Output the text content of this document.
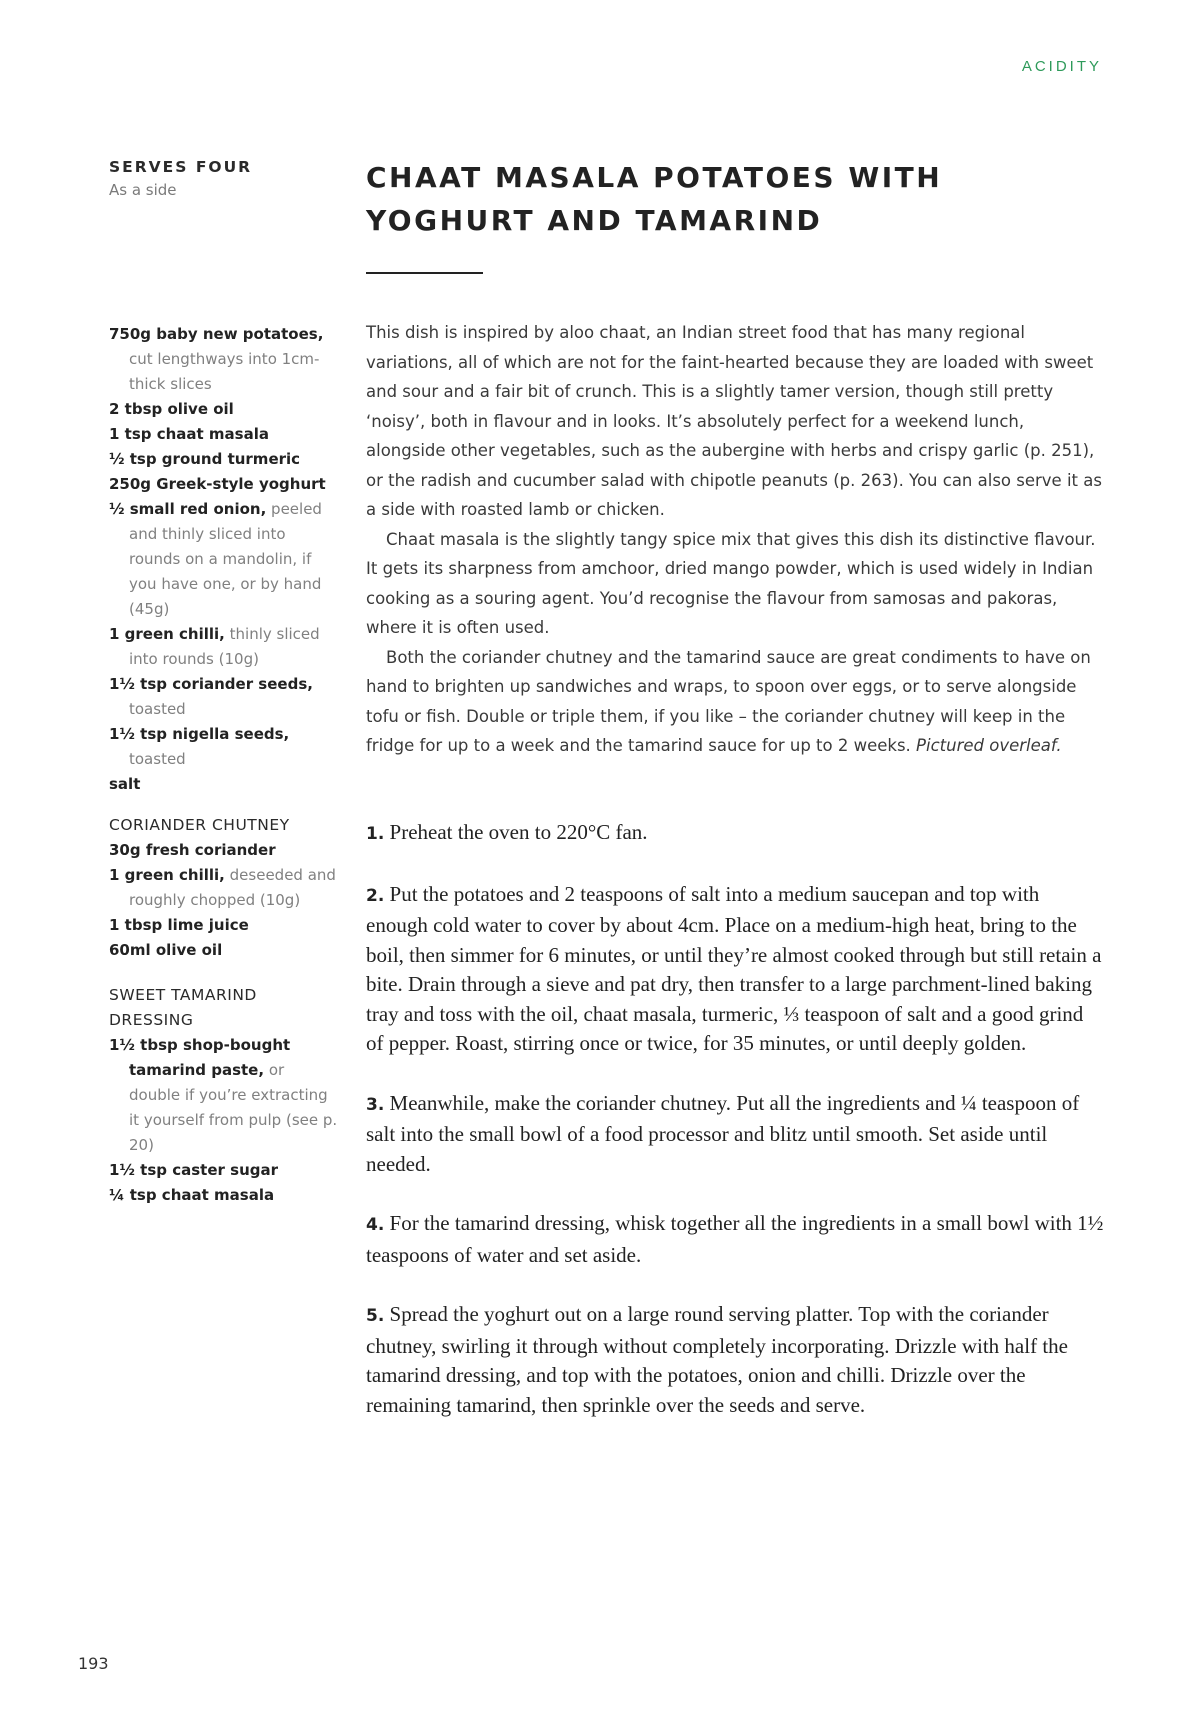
ACIDITY
SERVES FOUR
As a side	CHAAT MASALA POTATOES WITH YOGHURT AND TAMARIND
750g baby new potatoes, cut lengthways into 1cm-thick slices
2 tbsp olive oil
1 tsp chaat masala
½ tsp ground turmeric
250g Greek-style yoghurt
½ small red onion, peeled and thinly sliced into rounds on a mandolin, if you have one, or by hand (45g)
1 green chilli, thinly sliced into rounds (10g)
1½ tsp coriander seeds, toasted
1½ tsp nigella seeds, toasted
salt
CORIANDER CHUTNEY
30g fresh coriander
1 green chilli, deseeded and roughly chopped (10g)
1 tbsp lime juice
60ml olive oil
SWEET TAMARIND DRESSING
1½ tbsp shop-bought tamarind paste, or double if you’re extracting it yourself from pulp (see p. 20)
1½ tsp caster sugar
¼ tsp chaat masala

This dish is inspired by aloo chaat, an Indian street food that has many regional variations, all of which are not for the faint-hearted because they are loaded with sweet and sour and a fair bit of crunch. This is a slightly tamer version, though still pretty ‘noisy’, both in flavour and in looks. It’s absolutely perfect for a weekend lunch, alongside other vegetables, such as the aubergine with herbs and crispy garlic (p. 251), or the radish and cucumber salad with chipotle peanuts (p. 263). You can also serve it as a side with roasted lamb or chicken.

Chaat masala is the slightly tangy spice mix that gives this dish its distinctive flavour. It gets its sharpness from amchoor, dried mango powder, which is used widely in Indian cooking as a souring agent. You’d recognise the flavour from samosas and pakoras, where it is often used.

Both the coriander chutney and the tamarind sauce are great condiments to have on hand to brighten up sandwiches and wraps, to spoon over eggs, or to serve alongside tofu or fish. Double or triple them, if you like – the coriander chutney will keep in the fridge for up to a week and the tamarind sauce for up to 2 weeks. Pictured overleaf.

1. Preheat the oven to 220°C fan.

2. Put the potatoes and 2 teaspoons of salt into a medium saucepan and top with enough cold water to cover by about 4cm. Place on a medium-high heat, bring to the boil, then simmer for 6 minutes, or until they’re almost cooked through but still retain a bite. Drain through a sieve and pat dry, then transfer to a large parchment-lined baking tray and toss with the oil, chaat masala, turmeric, ⅓ teaspoon of salt and a good grind of pepper. Roast, stirring once or twice, for 35 minutes, or until deeply golden.

3. Meanwhile, make the coriander chutney. Put all the ingredients and ¼ teaspoon of salt into the small bowl of a food processor and blitz until smooth. Set aside until needed.

4. For the tamarind dressing, whisk together all the ingredients in a small bowl with 1½ teaspoons of water and set aside.

5. Spread the yoghurt out on a large round serving platter. Top with the coriander chutney, swirling it through without completely incorporating. Drizzle with half the tamarind dressing, and top with the potatoes, onion and chilli. Drizzle over the remaining tamarind, then sprinkle over the seeds and serve.

193
